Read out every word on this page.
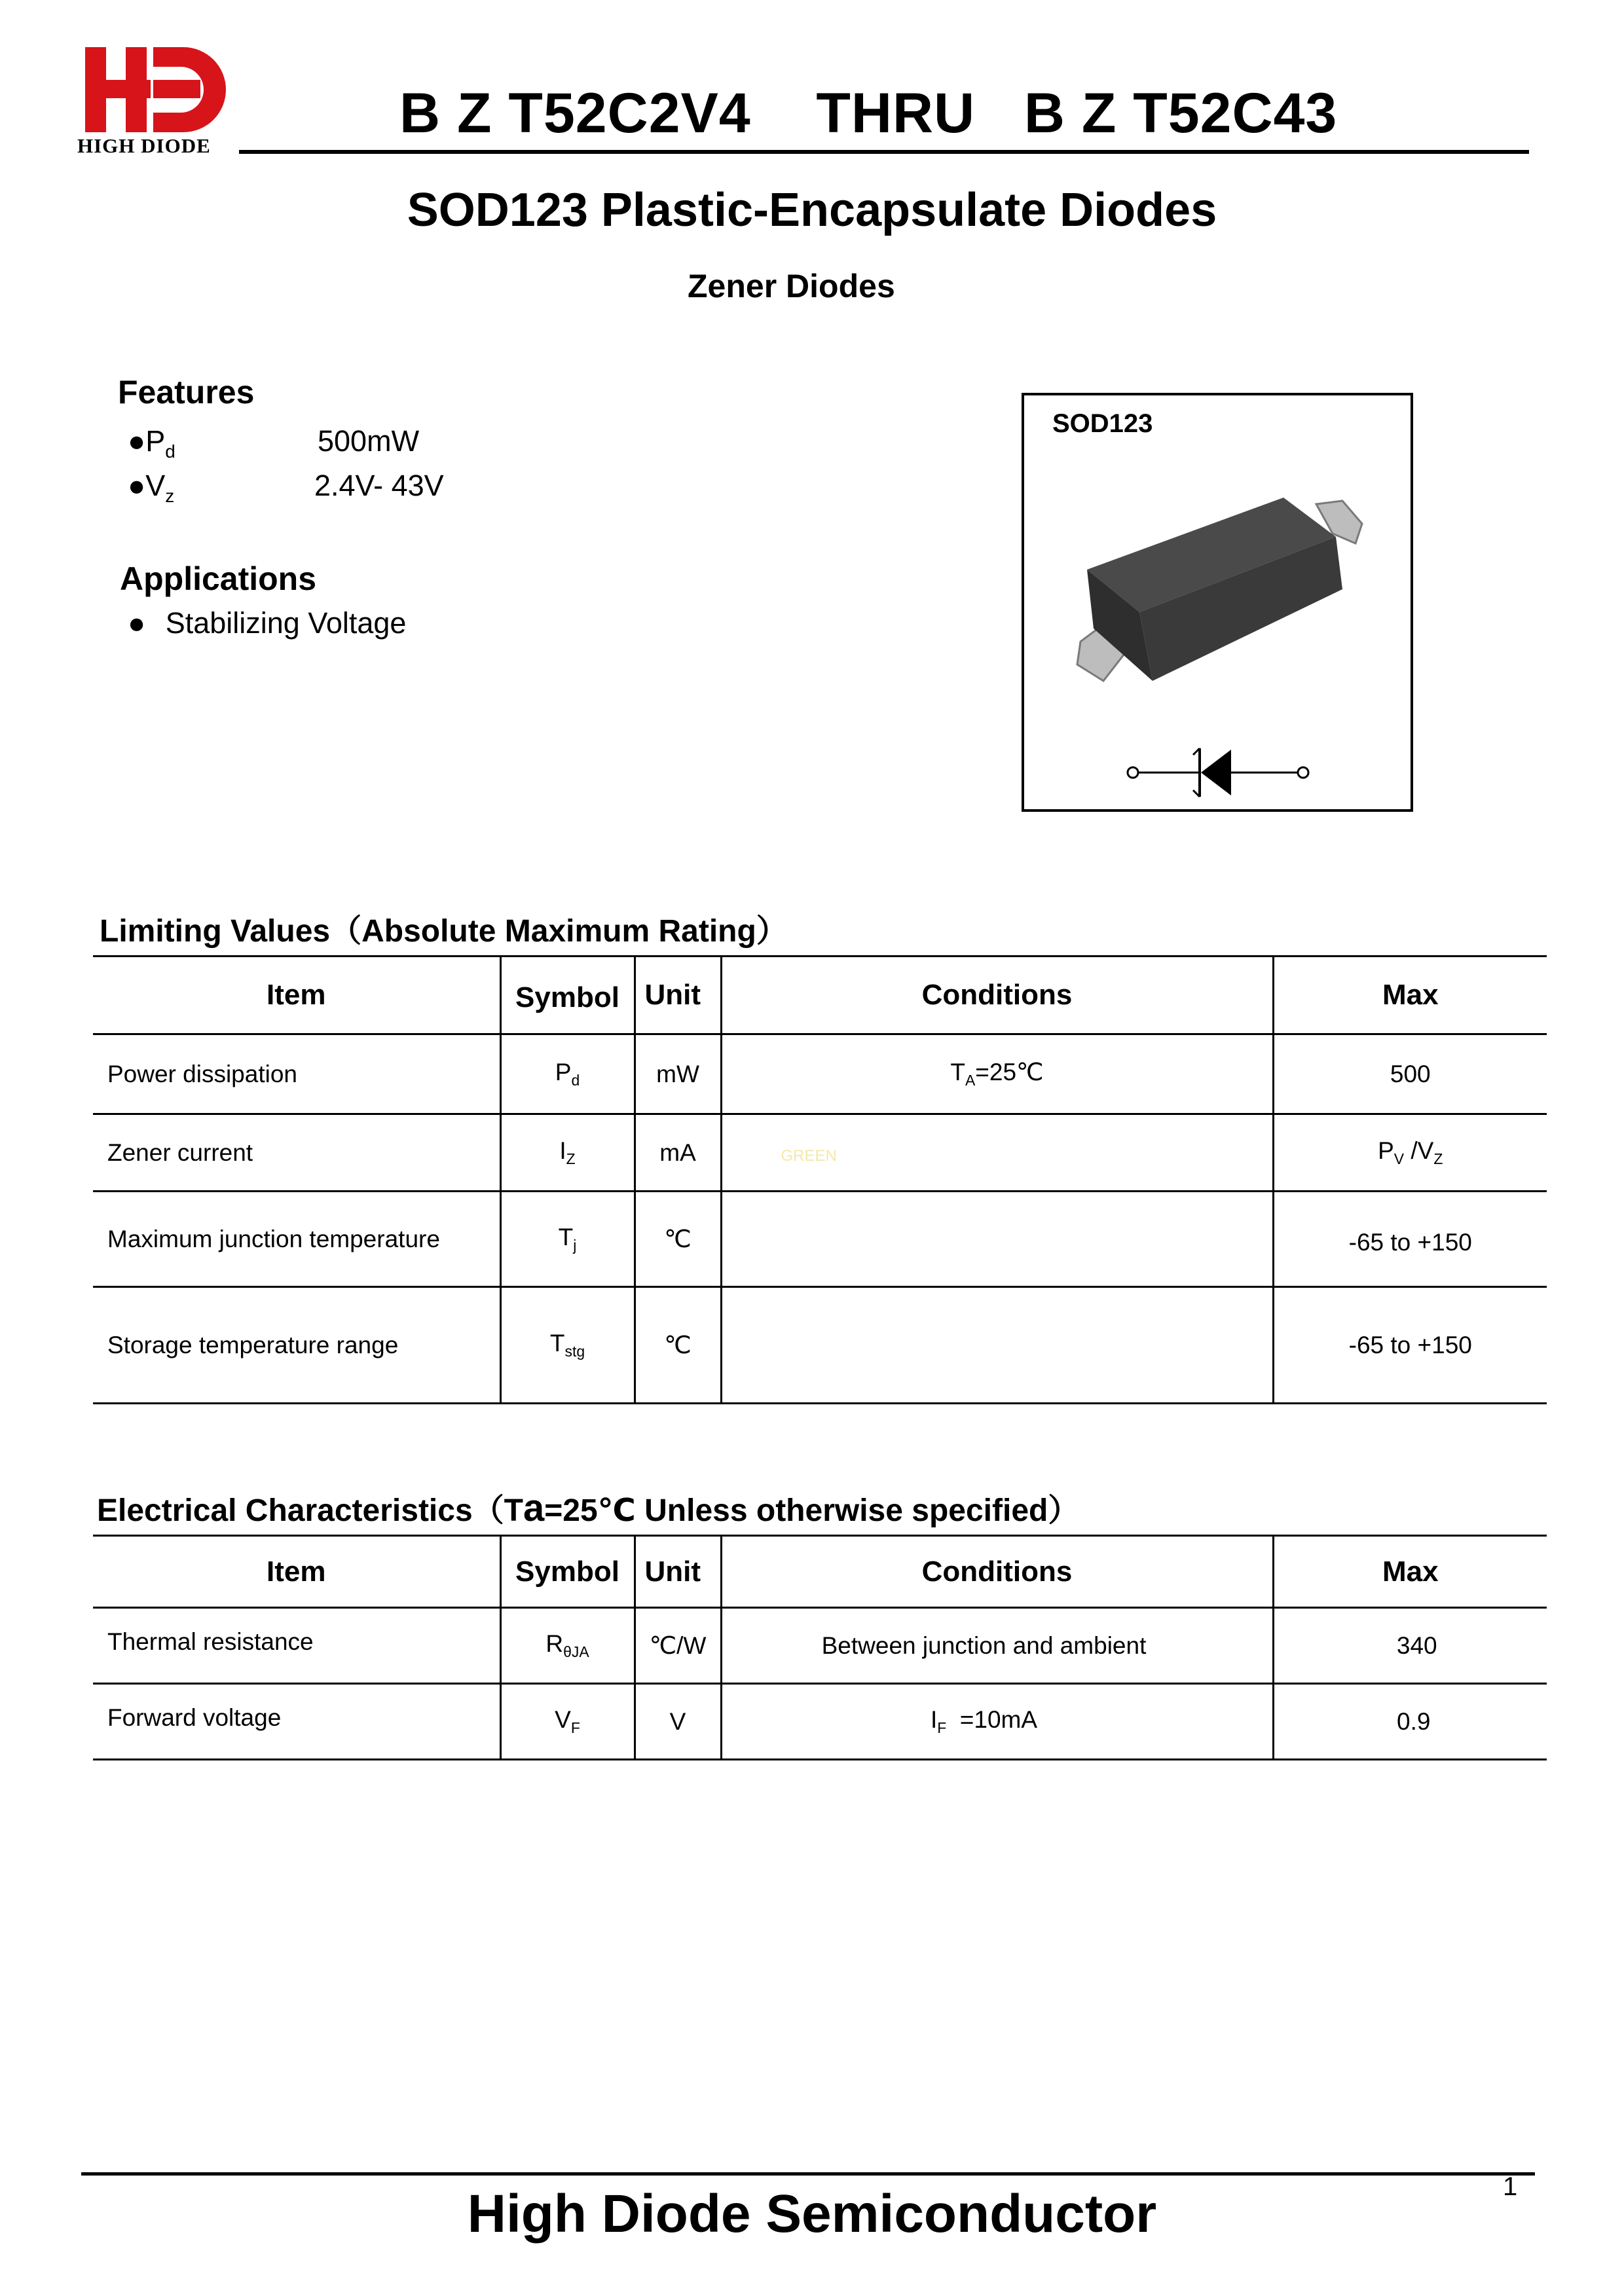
HIGH DIODE
B Z T52C2V4    THRU   B Z T52C43
SOD123 Plastic-Encapsulate Diodes
Zener Diodes
Features
$●P_d$	500mW
$●V_z$	2.4V- 43V
Applications
● Stabilizing Voltage
SOD123
Limiting Values（Absolute Maximum Rating）
Item	Symbol	Unit	Conditions	Max
Power dissipation	$P_d$	mW	$T_A=25℃$	500
Zener current	$I_Z$	mA	GREEN	$P_V$ $/V_Z$
Maximum junction temperature	$T_j$	℃		-65 to +150
Storage temperature range	$T_{stg}$	℃		-65 to +150
Electrical Characteristics（Ta=25℃ Unless otherwise specified）
Item	Symbol	Unit	Conditions	Max
Thermal resistance	$R_{\theta JA}$	℃/W	Between junction and ambient	340
Forward voltage	$V_F$	V	$I_F =10mA$	0.9
High Diode Semiconductor	1
